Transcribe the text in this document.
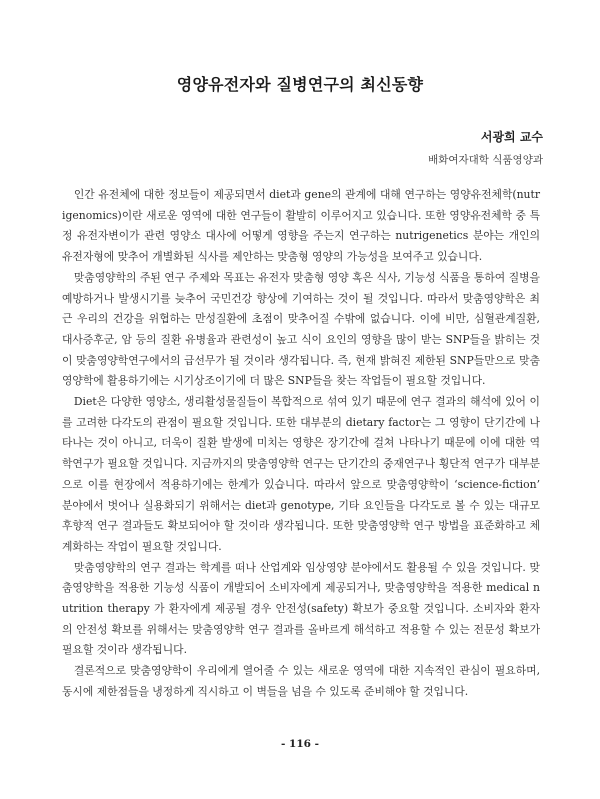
영양유전자와 질병연구의 최신동향
서광희 교수
배화여자대학 식품영양과

인간 유전체에 대한 정보들이 제공되면서 diet과 gene의 관계에 대해 연구하는 영양유전체학(nutrigenomics)이란 새로운 영역에 대한 연구들이 활발히 이루어지고 있습니다. 또한 영양유전체학 중 특정 유전자변이가 관련 영양소 대사에 어떻게 영향을 주는지 연구하는 nutrigenetics 분야는 개인의 유전자형에 맞추어 개별화된 식사를 제안하는 맞춤형 영양의 가능성을 보여주고 있습니다.

맞춤영양학의 주된 연구 주제와 목표는 유전자 맞춤형 영양 혹은 식사, 기능성 식품을 통하여 질병을 예방하거나 발생시기를 늦추어 국민건강 향상에 기여하는 것이 될 것입니다. 따라서 맞춤영양학은 최근 우리의 건강을 위협하는 만성질환에 초점이 맞추어질 수밖에 없습니다. 이에 비만, 심혈관계질환, 대사증후군, 암 등의 질환 유병율과 관련성이 높고 식이 요인의 영향을 많이 받는 SNP들을 밝히는 것이 맞춤영양학연구에서의 급선무가 될 것이라 생각됩니다. 즉, 현재 밝혀진 제한된 SNP들만으로 맞춤영양학에 활용하기에는 시기상조이기에 더 많은 SNP들을 찾는 작업들이 필요할 것입니다.

Diet은 다양한 영양소, 생리활성물질들이 복합적으로 섞여 있기 때문에 연구 결과의 해석에 있어 이를 고려한 다각도의 관점이 필요할 것입니다. 또한 대부분의 dietary factor는 그 영향이 단기간에 나타나는 것이 아니고, 더욱이 질환 발생에 미치는 영향은 장기간에 걸쳐 나타나기 때문에 이에 대한 역학연구가 필요할 것입니다. 지금까지의 맞춤영양학 연구는 단기간의 중재연구나 횡단적 연구가 대부분으로 이를 현장에서 적용하기에는 한계가 있습니다. 따라서 앞으로 맞춤영양학이 ‘science-fiction’ 분야에서 벗어나 실용화되기 위해서는 diet과 genotype, 기타 요인들을 다각도로 볼 수 있는 대규모 후향적 연구 결과들도 확보되어야 할 것이라 생각됩니다. 또한 맞춤영양학 연구 방법을 표준화하고 체계화하는 작업이 필요할 것입니다.

맞춤영양학의 연구 결과는 학계를 떠나 산업계와 임상영양 분야에서도 활용될 수 있을 것입니다. 맞춤영양학을 적용한 기능성 식품이 개발되어 소비자에게 제공되거나, 맞춤영양학을 적용한 medical nutrition therapy 가 환자에게 제공될 경우 안전성(safety) 확보가 중요할 것입니다. 소비자와 환자의 안전성 확보를 위해서는 맞춤영양학 연구 결과를 올바르게 해석하고 적용할 수 있는 전문성 확보가 필요할 것이라 생각됩니다.

결론적으로 맞춤영양학이 우리에게 열어줄 수 있는 새로운 영역에 대한 지속적인 관심이 필요하며, 동시에 제한점들을 냉정하게 직시하고 이 벽들을 넘을 수 있도록 준비해야 할 것입니다.

- 116 -
